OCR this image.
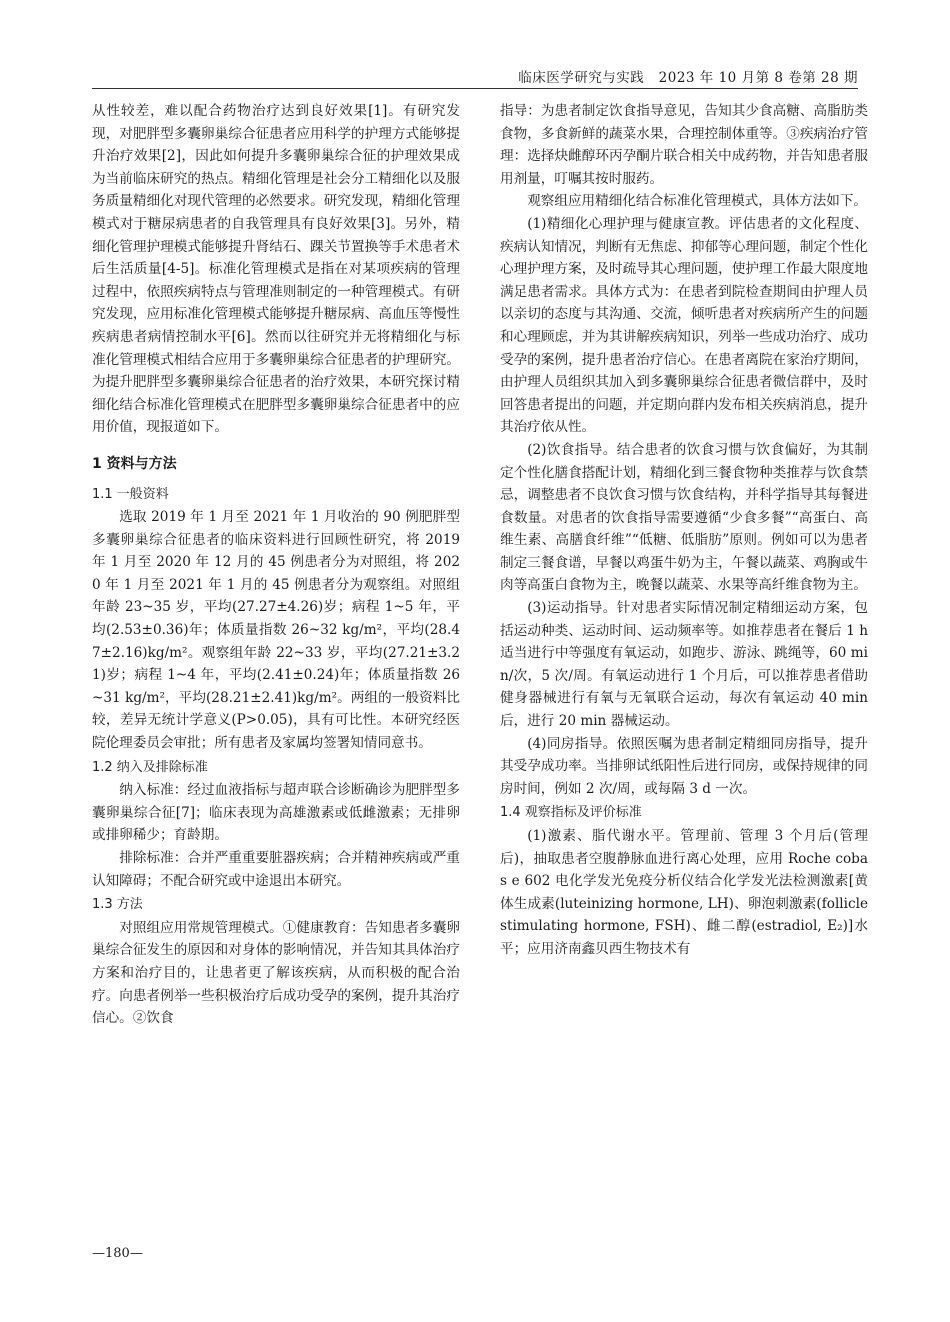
临床医学研究与实践 2023 年 10 月第 8 卷第 28 期

从性较差，难以配合药物治疗达到良好效果[1]。有研究发现，对肥胖型多囊卵巢综合征患者应用科学的护理方式能够提升治疗效果[2]，因此如何提升多囊卵巢综合征的护理效果成为当前临床研究的热点。精细化管理是社会分工精细化以及服务质量精细化对现代管理的必然要求。研究发现，精细化管理模式对于糖尿病患者的自我管理具有良好效果[3]。另外，精细化管理护理模式能够提升肾结石、踝关节置换等手术患者术后生活质量[4-5]。标准化管理模式是指在对某项疾病的管理过程中，依照疾病特点与管理准则制定的一种管理模式。有研究发现，应用标准化管理模式能够提升糖尿病、高血压等慢性疾病患者病情控制水平[6]。然而以往研究并无将精细化与标准化管理模式相结合应用于多囊卵巢综合征患者的护理研究。为提升肥胖型多囊卵巢综合征患者的治疗效果，本研究探讨精细化结合标准化管理模式在肥胖型多囊卵巢综合征患者中的应用价值，现报道如下。

1 资料与方法
1.1 一般资料

选取 2019 年 1 月至 2021 年 1 月收治的 90 例肥胖型多囊卵巢综合征患者的临床资料进行回顾性研究，将 2019 年 1 月至 2020 年 12 月的 45 例患者分为对照组，将 2020 年 1 月至 2021 年 1 月的 45 例患者分为观察组。对照组年龄 23~35 岁，平均(27.27±4.26)岁；病程 1~5 年，平均(2.53±0.36)年；体质量指数 26~32 kg/m²，平均(28.47±2.16)kg/m²。观察组年龄 22~33 岁，平均(27.21±3.21)岁；病程 1~4 年，平均(2.41±0.24)年；体质量指数 26~31 kg/m²，平均(28.21±2.41)kg/m²。两组的一般资料比较，差异无统计学意义(P>0.05)，具有可比性。本研究经医院伦理委员会审批；所有患者及家属均签署知情同意书。

1.2 纳入及排除标准

纳入标准：经过血液指标与超声联合诊断确诊为肥胖型多囊卵巢综合征[7]；临床表现为高雄激素或低雌激素；无排卵或排卵稀少；育龄期。

排除标准：合并严重重要脏器疾病；合并精神疾病或严重认知障碍；不配合研究或中途退出本研究。

1.3 方法

对照组应用常规管理模式。①健康教育：告知患者多囊卵巢综合征发生的原因和对身体的影响情况，并告知其具体治疗方案和治疗目的，让患者更了解该疾病，从而积极的配合治疗。向患者例举一些积极治疗后成功受孕的案例，提升其治疗信心。②饮食

指导：为患者制定饮食指导意见，告知其少食高糖、高脂肪类食物，多食新鲜的蔬菜水果，合理控制体重等。③疾病治疗管理：选择炔雌醇环丙孕酮片联合相关中成药物，并告知患者服用剂量，叮嘱其按时服药。

观察组应用精细化结合标准化管理模式，具体方法如下。

(1)精细化心理护理与健康宣教。评估患者的文化程度、疾病认知情况，判断有无焦虑、抑郁等心理问题，制定个性化心理护理方案，及时疏导其心理问题，使护理工作最大限度地满足患者需求。具体方式为：在患者到院检查期间由护理人员以亲切的态度与其沟通、交流，倾听患者对疾病所产生的问题和心理顾虑，并为其讲解疾病知识，列举一些成功治疗、成功受孕的案例，提升患者治疗信心。在患者离院在家治疗期间，由护理人员组织其加入到多囊卵巢综合征患者微信群中，及时回答患者提出的问题，并定期向群内发布相关疾病消息，提升其治疗依从性。

(2)饮食指导。结合患者的饮食习惯与饮食偏好，为其制定个性化膳食搭配计划，精细化到三餐食物种类推荐与饮食禁忌，调整患者不良饮食习惯与饮食结构，并科学指导其每餐进食数量。对患者的饮食指导需要遵循“少食多餐”“高蛋白、高维生素、高膳食纤维”“低糖、低脂肪”原则。例如可以为患者制定三餐食谱，早餐以鸡蛋牛奶为主，午餐以蔬菜、鸡胸或牛肉等高蛋白食物为主，晚餐以蔬菜、水果等高纤维食物为主。

(3)运动指导。针对患者实际情况制定精细运动方案，包括运动种类、运动时间、运动频率等。如推荐患者在餐后 1 h 适当进行中等强度有氧运动，如跑步、游泳、跳绳等，60 min/次，5 次/周。有氧运动进行 1 个月后，可以推荐患者借助健身器械进行有氧与无氧联合运动，每次有氧运动 40 min 后，进行 20 min 器械运动。

(4)同房指导。依照医嘱为患者制定精细同房指导，提升其受孕成功率。当排卵试纸阳性后进行同房，或保持规律的同房时间，例如 2 次/周，或每隔 3 d 一次。

1.4 观察指标及评价标准

(1)激素、脂代谢水平。管理前、管理 3 个月后(管理后)，抽取患者空腹静脉血进行离心处理，应用 Roche cobas e 602 电化学发光免疫分析仪结合化学发光法检测激素[黄体生成素(luteinizing hormone, LH)、卵泡刺激素(follicle stimulating hormone, FSH)、雌二醇(estradiol, E₂)]水平；应用济南鑫贝西生物技术有

—180—
